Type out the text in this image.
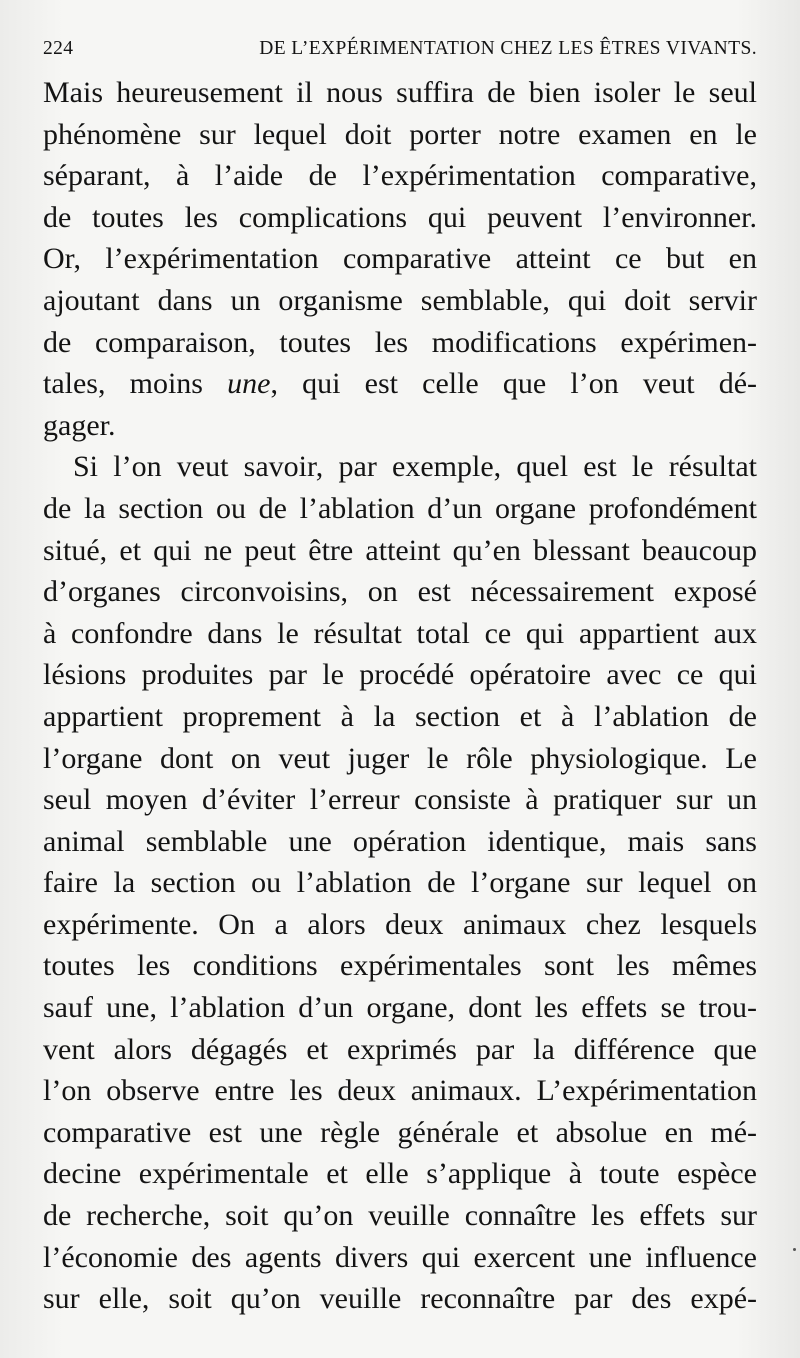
224	DE L’EXPÉRIMENTATION CHEZ LES ÊTRES VIVANTS.
Mais heureusement il nous suffira de bien isoler le seul
phénomène sur lequel doit porter notre examen en le
séparant, à l’aide de l’expérimentation comparative,
de toutes les complications qui peuvent l’environner.
Or, l’expérimentation comparative atteint ce but en
ajoutant dans un organisme semblable, qui doit servir
de comparaison, toutes les modifications expérimen-
tales, moins une, qui est celle que l’on veut dé-
gager.
Si l’on veut savoir, par exemple, quel est le résultat
de la section ou de l’ablation d’un organe profondément
situé, et qui ne peut être atteint qu’en blessant beaucoup
d’organes circonvoisins, on est nécessairement exposé
à confondre dans le résultat total ce qui appartient aux
lésions produites par le procédé opératoire avec ce qui
appartient proprement à la section et à l’ablation de
l’organe dont on veut juger le rôle physiologique. Le
seul moyen d’éviter l’erreur consiste à pratiquer sur un
animal semblable une opération identique, mais sans
faire la section ou l’ablation de l’organe sur lequel on
expérimente. On a alors deux animaux chez lesquels
toutes les conditions expérimentales sont les mêmes
sauf une, l’ablation d’un organe, dont les effets se trou-
vent alors dégagés et exprimés par la différence que
l’on observe entre les deux animaux. L’expérimentation
comparative est une règle générale et absolue en mé-
decine expérimentale et elle s’applique à toute espèce
de recherche, soit qu’on veuille connaître les effets sur
l’économie des agents divers qui exercent une influence
sur elle, soit qu’on veuille reconnaître par des expé-
